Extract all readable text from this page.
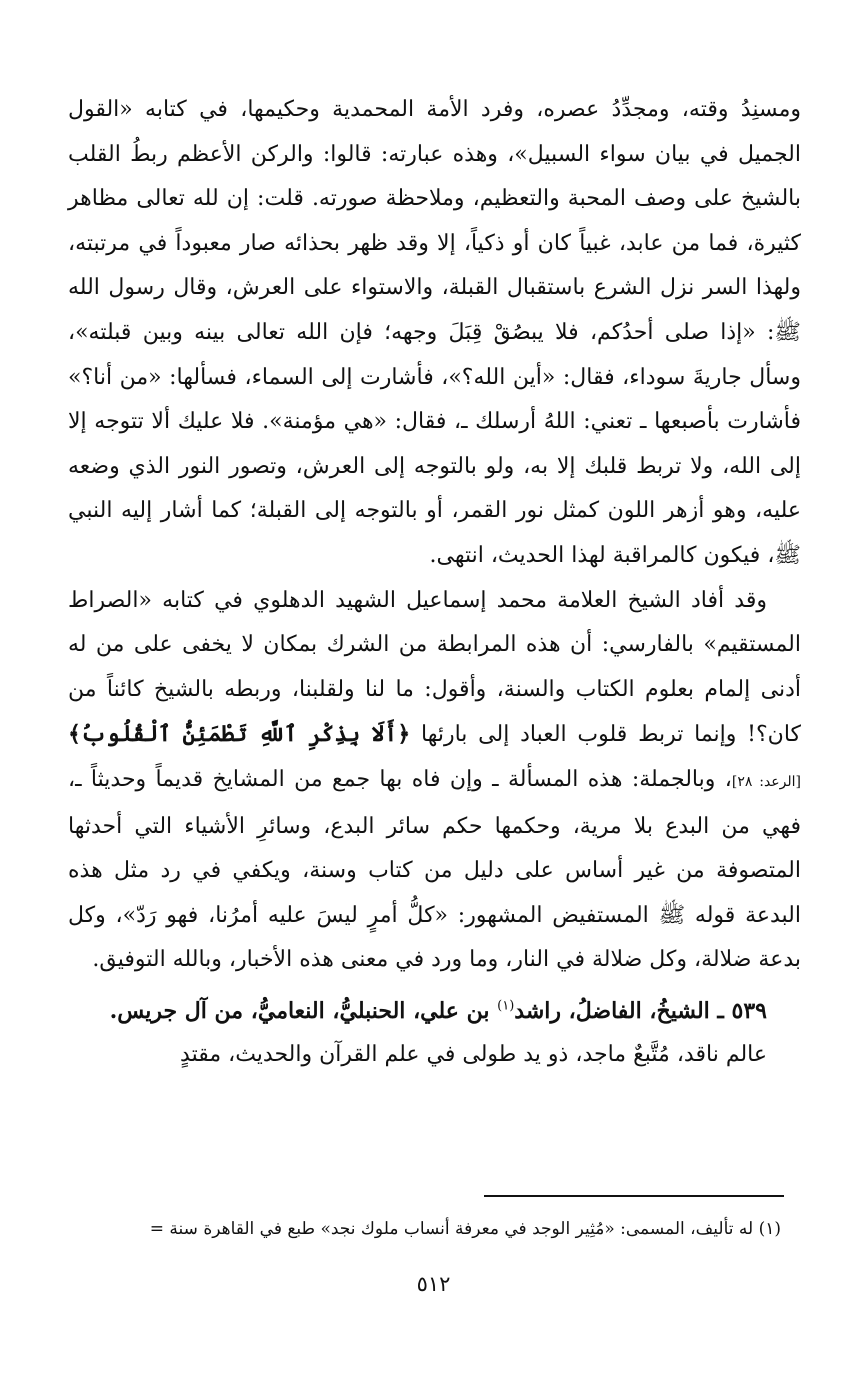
ومسنِدُ وقته، ومجدِّدُ عصره، وفرد الأمة المحمدية وحكيمها، في كتابه «القول الجميل في بيان سواء السبيل»، وهذه عبارته: قالوا: والركن الأعظم ربطُ القلب بالشيخ على وصف المحبة والتعظيم، وملاحظة صورته. قلت: إن لله تعالى مظاهر كثيرة، فما من عابد، غبياً كان أو ذكياً، إلا وقد ظهر بحذائه صار معبوداً في مرتبته، ولهذا السر نزل الشرع باستقبال القبلة، والاستواء على العرش، وقال رسول الله ﷺ: «إذا صلى أحدُكم، فلا يبصُقْ قِبَلَ وجهه؛ فإن الله تعالى بينه وبين قبلته»، وسأل جاريةَ سوداء، فقال: «أين الله؟»، فأشارت إلى السماء، فسألها: «من أنا؟» فأشارت بأصبعها ـ تعني: اللهُ أرسلك ـ، فقال: «هي مؤمنة». فلا عليك ألا تتوجه إلا إلى الله، ولا تربط قلبك إلا به، ولو بالتوجه إلى العرش، وتصور النور الذي وضعه عليه، وهو أزهر اللون كمثل نور القمر، أو بالتوجه إلى القبلة؛ كما أشار إليه النبي ﷺ، فيكون كالمراقبة لهذا الحديث، انتهى.

وقد أفاد الشيخ العلامة محمد إسماعيل الشهيد الدهلوي في كتابه «الصراط المستقيم» بالفارسي: أن هذه المرابطة من الشرك بمكان لا يخفى على من له أدنى إلمام بعلوم الكتاب والسنة، وأقول: ما لنا ولقلبنا، وربطه بالشيخ كائناً من كان؟! وإنما تربط قلوب العباد إلى بارئها ﴿أَلَا بِذِكْرِ ٱللَّهِ تَطْمَئِنُّ ٱلْقُلُوبُ﴾ [الرعد: ٢٨]، وبالجملة: هذه المسألة ـ وإن فاه بها جمع من المشايخ قديماً وحديثاً ـ، فهي من البدع بلا مرية، وحكمها حكم سائر البدع، وسائرِ الأشياء التي أحدثها المتصوفة من غير أساس على دليل من كتاب وسنة، ويكفي في رد مثل هذه البدعة قوله ﷺ المستفيض المشهور: «كلُّ أمرٍ ليسَ عليه أمرُنا، فهو رَدّ»، وكل بدعة ضلالة، وكل ضلالة في النار، وما ورد في معنى هذه الأخبار، وبالله التوفيق.

٥٣٩ ـ الشيخُ، الفاضلُ، راشد$^{(١)}$ بن علي، الحنبليُّ، النعاميُّ، من آل جريس.

عالم ناقد، مُتَّبعٌ ماجد، ذو يد طولى في علم القرآن والحديث، مقتدٍ

(١) له تأليف، المسمى: «مُثِير الوجد في معرفة أنساب ملوك نجد» طبع في القاهرة سنة =
٥١٢
